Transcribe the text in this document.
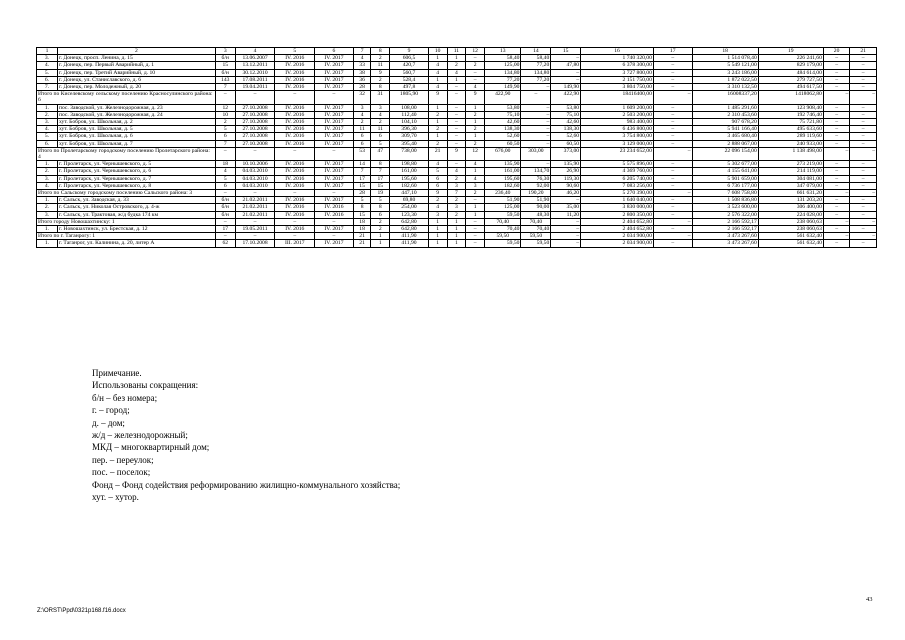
1	2	3	4	5	6	7	8	9	10	11	12	13	14	15	16	17	18	19	20	21
3.	г. Донецк, просп. Ленина, д. 15	б/н	13.06.2007	IV. 2016	IV. 2017	4	2	606,5	1	1	–	58,40	58,40	–	1 740 320,00	–	1 514 078,40	226 241,60	–	–
4.	г. Донецк, пер. Первый Аварийный, д. 1	15	13.12.2011	IV. 2016	IV. 2017	33	11	420,7	4	2	2	125,00	77,20	47,80	6 378 300,00	–	5 549 121,00	829 179,00	–	–
5.	г. Донецк, пер. Третий Аварийный, д. 10	б/н	30.12.2010	IV. 2016	IV. 2017	38	9	560,7	4	4	–	134,80	134,80	–	3 727 800,00	–	3 243 186,00	484 614,00	–	–
6.	г. Донецк, ул. Станиславского, д. 6	143	17.08.2011	IV. 2016	IV. 2017	36	2	528,4	1	1	–	77,20	77,20	–	2 151 750,00	–	1 872 022,50	279 727,50	–	–
7.	г. Донецк, пер. Молодежный, д. 20	7	19.04.2011	IV. 2016	IV. 2017	28	8	497,8	4	–	4	149,90	–	149,90	3 804 750,00	–	3 310 132,50	494 617,50	–	–
Итого по Киселевскому сельскому поселению Красносулинского района: 6		–	–	–	–	32	31	1805,90	9	–	9	422,90	–	422,90	18416400,00	–	16008337,20	1418062,80	–	–
1.	пос. Заводской, ул. Железнодорожная, д. 23	12	27.10.2008	IV. 2016	IV. 2017	3	3	108,00	1	–	1	53,80	–	53,80	1 609 200,00	–	1 485 291,60	123 908,40	–	–
2.	пос. Заводской, ул. Железнодорожная, д. 24	10	27.10.2008	IV. 2016	IV. 2017	4	4	112,40	2	–	2	75,10	–	75,10	2 503 200,00	–	2 310 453,60	192 746,40	–	–
3.	хут. Бобров, ул. Школьная, д. 2	2	27.10.2008	IV. 2016	IV. 2017	2	2	104,10	1	–	1	42,60	–	42,60	983 400,00	–	907 678,20	75 721,80	–	–
4.	хут. Бобров, ул. Школьная, д. 5	5	27.10.2008	IV. 2016	IV. 2017	11	11	396,30	2	–	2	138,30	–	138,30	6 436 800,00	–	5 941 166,40	495 633,60	–	–
5.	хут. Бобров, ул. Школьная, д. 6	6	27.10.2008	IV. 2016	IV. 2017	6	6	309,70	1	–	1	52,60	–	52,60	3 754 800,00	–	3 465 680,40	289 119,60	–	–
6.	хут. Бобров, ул. Школьная, д. 7	7	27.10.2008	IV. 2016	IV. 2017	6	5	395,40	2	–	2	60,50	–	60,50	3 129 000,00	–	2 888 067,00	240 933,00	–	–
Итого по Пролетарскому городскому поселению Пролетарского района: 4		–	–	–	–	53	47	738,00	21	9	12	676,00	303,00	373,00	23 234 652,00	–	22 096 154,00	1 138 498,00	–	–
1.	г. Пролетарск, ул. Чернышевского, д. 5	18	10.10.2006	IV. 2016	IV. 2017	14	8	198,80	4	–	4	135,90	–	135,90	5 575 896,00	–	5 302 677,00	273 219,00	–	–
2.	г. Пролетарск, ул. Чернышевского, д. 6	4	04.03.2010	IV. 2016	IV. 2017	7	7	161,00	5	4	1	161,00	134,70	26,90	4 369 760,00	–	4 155 641,00	214 119,00	–	–
3.	г. Пролетарск, ул. Чернышевского, д. 7	5	04.03.2010	IV. 2016	IV. 2017	17	17	195,60	6	2	4	195,60	76,30	119,30	6 205 740,00	–	5 901 659,00	304 081,00	–	–
4.	г. Пролетарск, ул. Чернышевского, д. 8	6	04.03.2010	IV. 2016	IV. 2017	15	15	182,60	6	3	3	182,60	92,00	90,60	7 083 256,00	–	6 736 177,00	347 079,00	–	–
Итого по Сальскому городскому поселению Сальского района: 3		–	–	–	–	28	19	447,10	9	7	2	236,40	190,20	46,20	5 270 390,00	–	7 608 758,80	661 631,20	–	–
1.	г. Сальск, ул. Заводская, д. 33	б/н	21.02.2011	IV. 2016	IV. 2017	5	5	69,80	2	2	–	51,90	51,90	–	1 640 040,00	–	1 508 836,80	131 203,20	–	–
2.	г. Сальск, ул. Николая Островского, д. 4-ж	б/н	21.02.2011	IV. 2016	IV. 2016	8	8	254,00	4	3	1	125,00	90,00	35,00	3 830 000,00	–	3 523 600,00	306 400,00	–	–
3.	г. Сальск, ул. Трактовая, ж/д будка 174 км	б/н	21.02.2011	IV. 2016	IV. 2016	15	6	123,30	3	2	1	59,50	48,30	11,20	2 800 350,00	–	2 576 322,00	224 028,00	–	–
Итого городу Новошахтинску: 1		–	–	–	–	18	2	642,80	1	1	–	70,40	70,40	–	2 404 652,80	–	2 166 592,17	238 060,63	–	–
1.	г. Новошахтинск, ул. Брестская, д. 12	17	19.05.2011	IV. 2016	IV. 2017	18	2	642,80	1	1	–	70,40	70,40	–	2 404 652,80	–	2 166 592,17	238 060,63	–	–
Итого по г. Таганрогу: 1		–	–	–	–	21	1	411,90	1	1	–	59,50	59,50	–	2 034 900,00	–	3 473 267,60	561 632,40	–	–
1.	г. Таганрог, ул. Калинина, д. 20, литер А	62	17.10.2008	III. 2017	IV. 2017	21	1	411,90	1	1	–	59,50	59,50	–	2 034 900,00	–	3 473 267,60	561 632,40	–	–
Примечание.
Использованы сокращения:
б/н – без номера;
г. – город;
д. – дом;
ж/д – железнодорожный;
МКД – многоквартирный дом;
пер. – переулок;
пос. – поселок;
Фонд – Фонд содействия реформированию жилищно-коммунального хозяйства;
хут. – хутор.
43
Z:\ORST\Ppd\0321p168.f16.docx
